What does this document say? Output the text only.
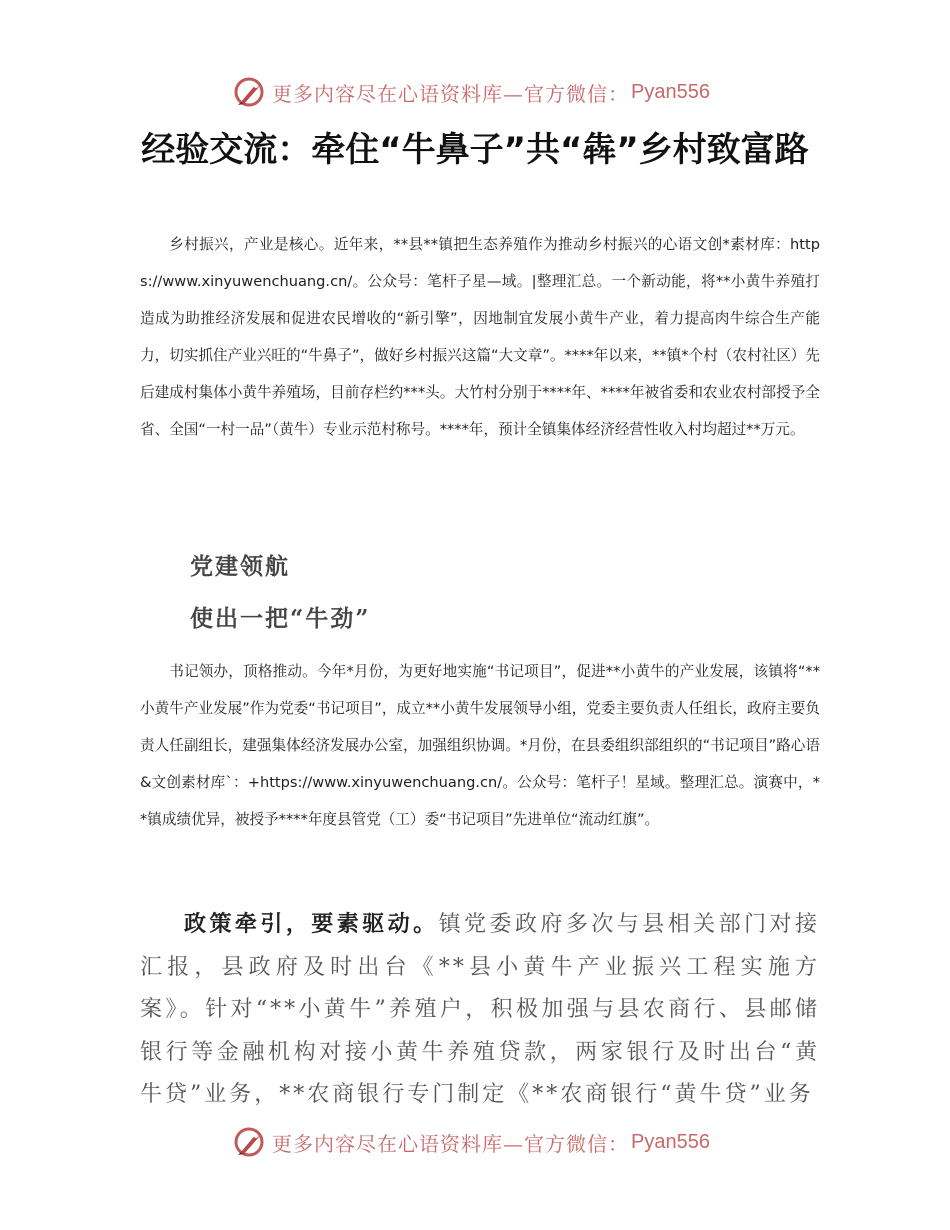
更多内容尽在心语资料库—官方微信： Pyan556
经验交流：牵住“牛鼻子”共“犇”乡村致富路

乡村振兴，产业是核心。近年来，**县**镇把生态养殖作为推动乡村振兴的心语文创*素材库：https://www.xinyuwenchuang.cn/。公众号：笔杆子星—域。|整理汇总。一个新动能，将**小黄牛养殖打造成为助推经济发展和促进农民增收的“新引擎”，因地制宜发展小黄牛产业，着力提高肉牛综合生产能力，切实抓住产业兴旺的“牛鼻子”，做好乡村振兴这篇“大文章”。****年以来，**镇*个村（农村社区）先后建成村集体小黄牛养殖场，目前存栏约***头。大竹村分别于****年、****年被省委和农业农村部授予全省、全国“一村一品”（黄牛）专业示范村称号。****年，预计全镇集体经济经营性收入村均超过**万元。

党建领航
使出一把“牛劲”

书记领办，顶格推动。今年*月份，为更好地实施“书记项目”，促进**小黄牛的产业发展，该镇将“**小黄牛产业发展”作为党委“书记项目”，成立**小黄牛发展领导小组，党委主要负责人任组长，政府主要负责人任副组长，建强集体经济发展办公室，加强组织协调。*月份，在县委组织部组织的“书记项目”路心语&文创素材库`：+https://www.xinyuwenchuang.cn/。公众号：笔杆子！星域。整理汇总。演赛中，**镇成绩优异，被授予****年度县管党（工）委“书记项目”先进单位“流动红旗”。

政策牵引，要素驱动。镇党委政府多次与县相关部门对接汇报，县政府及时出台《**县小黄牛产业振兴工程实施方案》。针对“**小黄牛”养殖户，积极加强与县农商行、县邮储银行等金融机构对接小黄牛养殖贷款，两家银行及时出台“黄牛贷”业务，**农商银行专门制定《**农商银行“黄牛贷”业务

更多内容尽在心语资料库—官方微信： Pyan556
